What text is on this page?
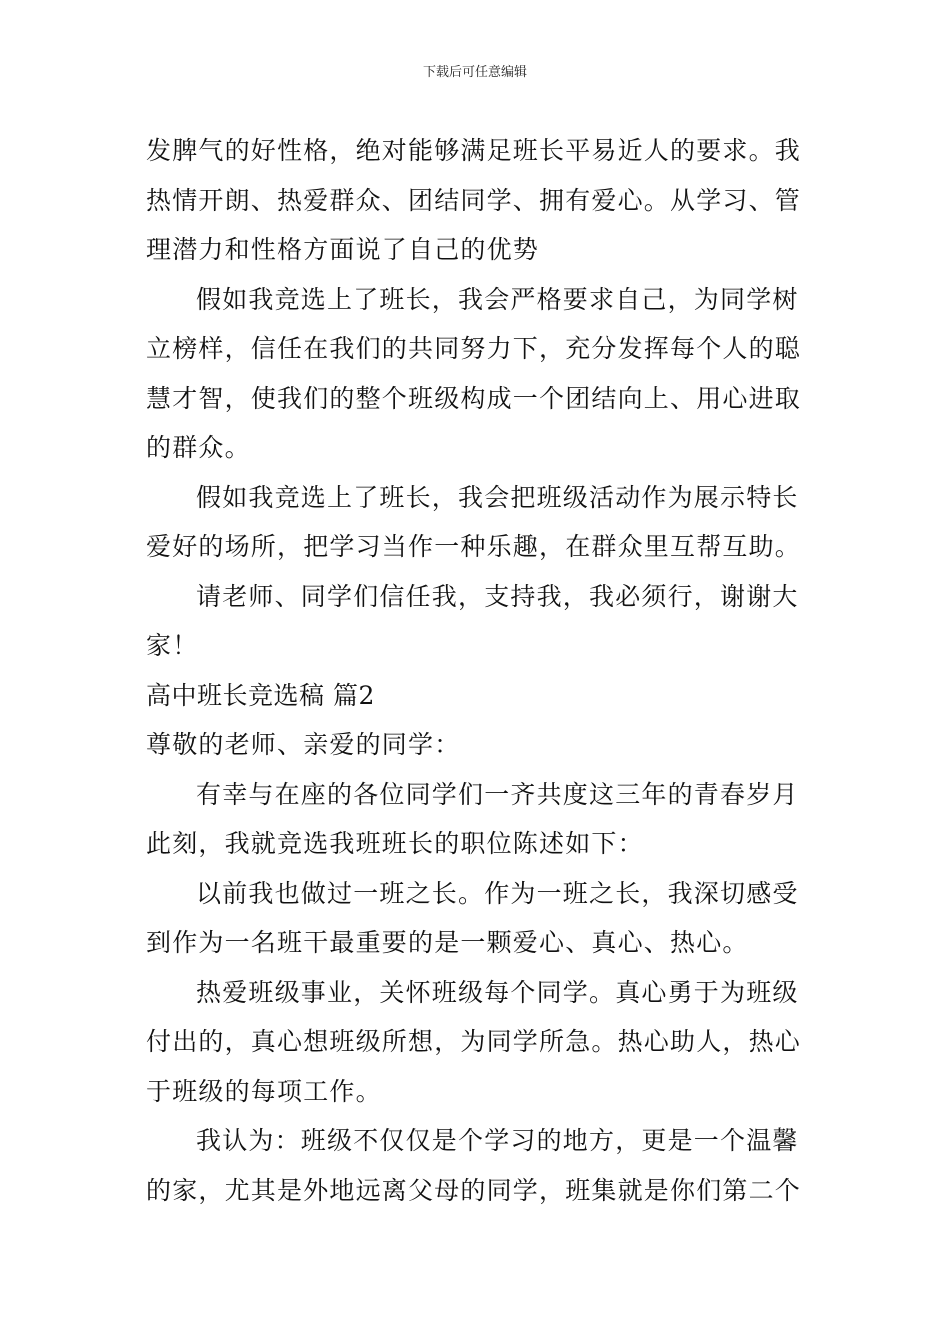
下载后可任意编辑
发脾气的好性格，绝对能够满足班长平易近人的要求。我
热情开朗、热爱群众、团结同学、拥有爱心。从学习、管
理潜力和性格方面说了自己的优势
假如我竞选上了班长，我会严格要求自己，为同学树
立榜样，信任在我们的共同努力下，充分发挥每个人的聪
慧才智，使我们的整个班级构成一个团结向上、用心进取
的群众。
假如我竞选上了班长，我会把班级活动作为展示特长
爱好的场所，把学习当作一种乐趣，在群众里互帮互助。
请老师、同学们信任我，支持我，我必须行，谢谢大
家！
高中班长竞选稿 篇2
尊敬的老师、亲爱的同学：
有幸与在座的各位同学们一齐共度这三年的青春岁月
此刻，我就竞选我班班长的职位陈述如下：
以前我也做过一班之长。作为一班之长，我深切感受
到作为一名班干最重要的是一颗爱心、真心、热心。
热爱班级事业，关怀班级每个同学。真心勇于为班级
付出的，真心想班级所想，为同学所急。热心助人，热心
于班级的每项工作。
我认为：班级不仅仅是个学习的地方，更是一个温馨
的家，尤其是外地远离父母的同学，班集就是你们第二个
